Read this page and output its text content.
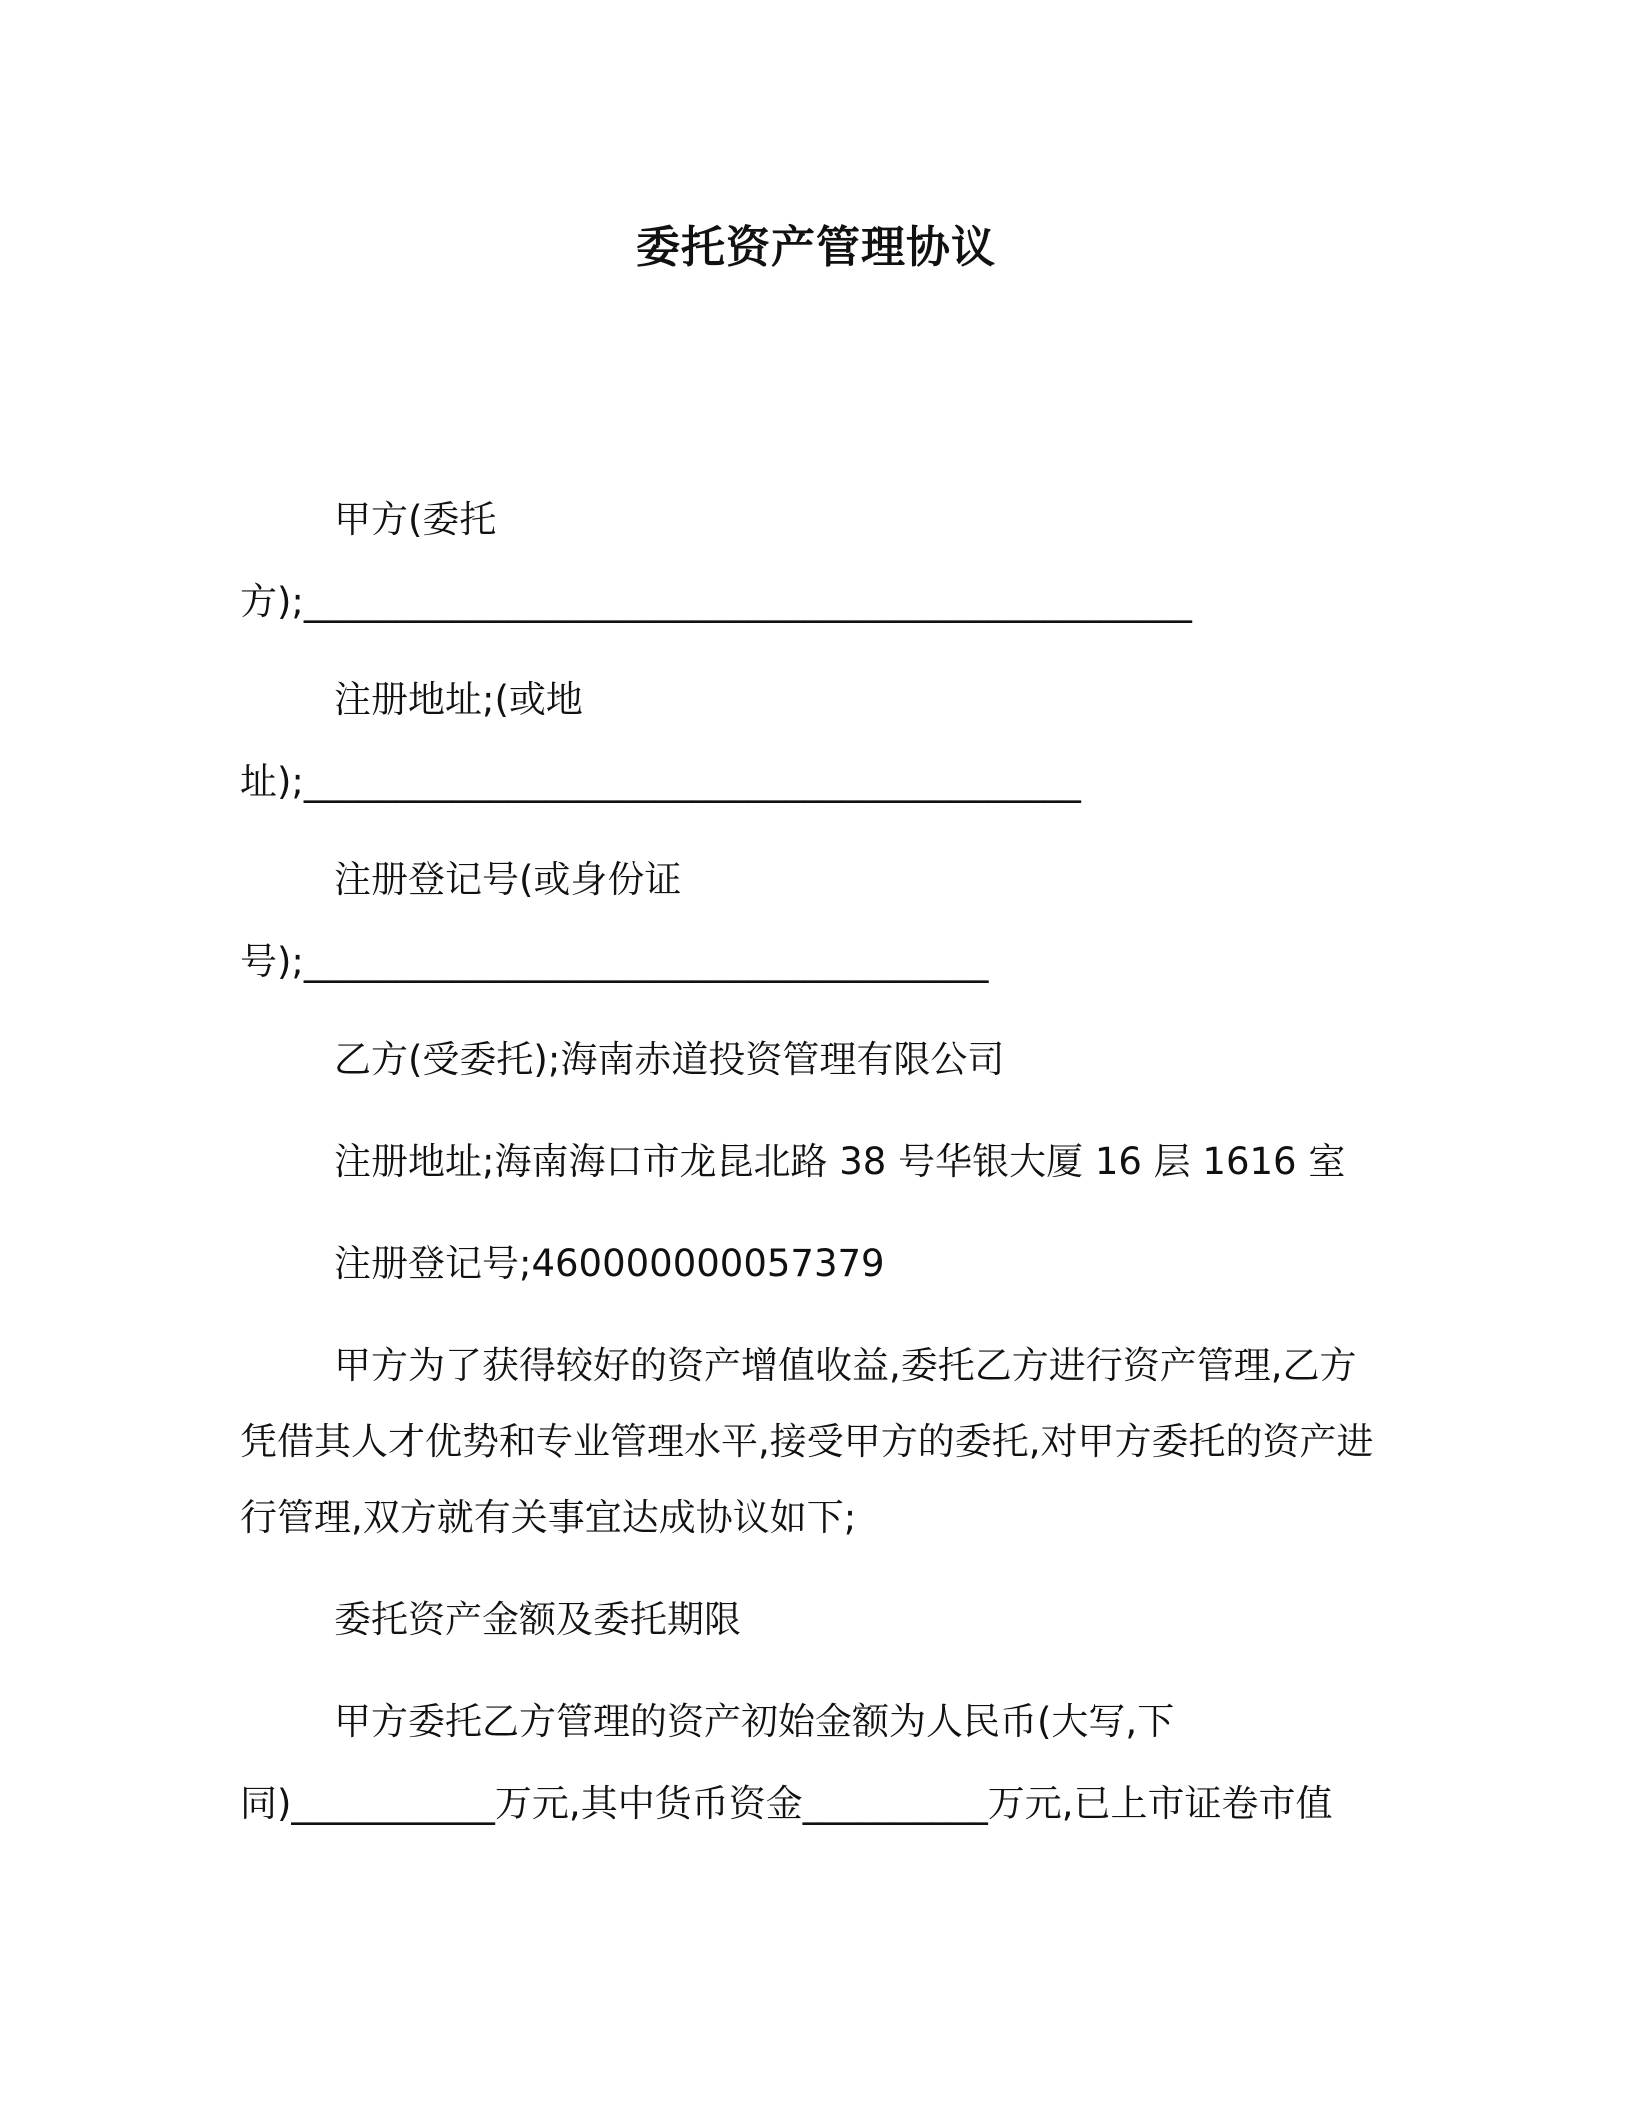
委托资产管理协议
甲方(委托
方);________________________________________________
注册地址;(或地
址);__________________________________________
注册登记号(或身份证
号);_____________________________________
乙方(受委托);海南赤道投资管理有限公司
注册地址;海南海口市龙昆北路 38 号华银大厦 16 层 1616 室
注册登记号;460000000057379
甲方为了获得较好的资产增值收益,委托乙方进行资产管理,乙方
凭借其人才优势和专业管理水平,接受甲方的委托,对甲方委托的资产进
行管理,双方就有关事宜达成协议如下;
委托资产金额及委托期限
甲方委托乙方管理的资产初始金额为人民币(大写,下
同)___________万元,其中货币资金__________万元,已上市证卷市值
